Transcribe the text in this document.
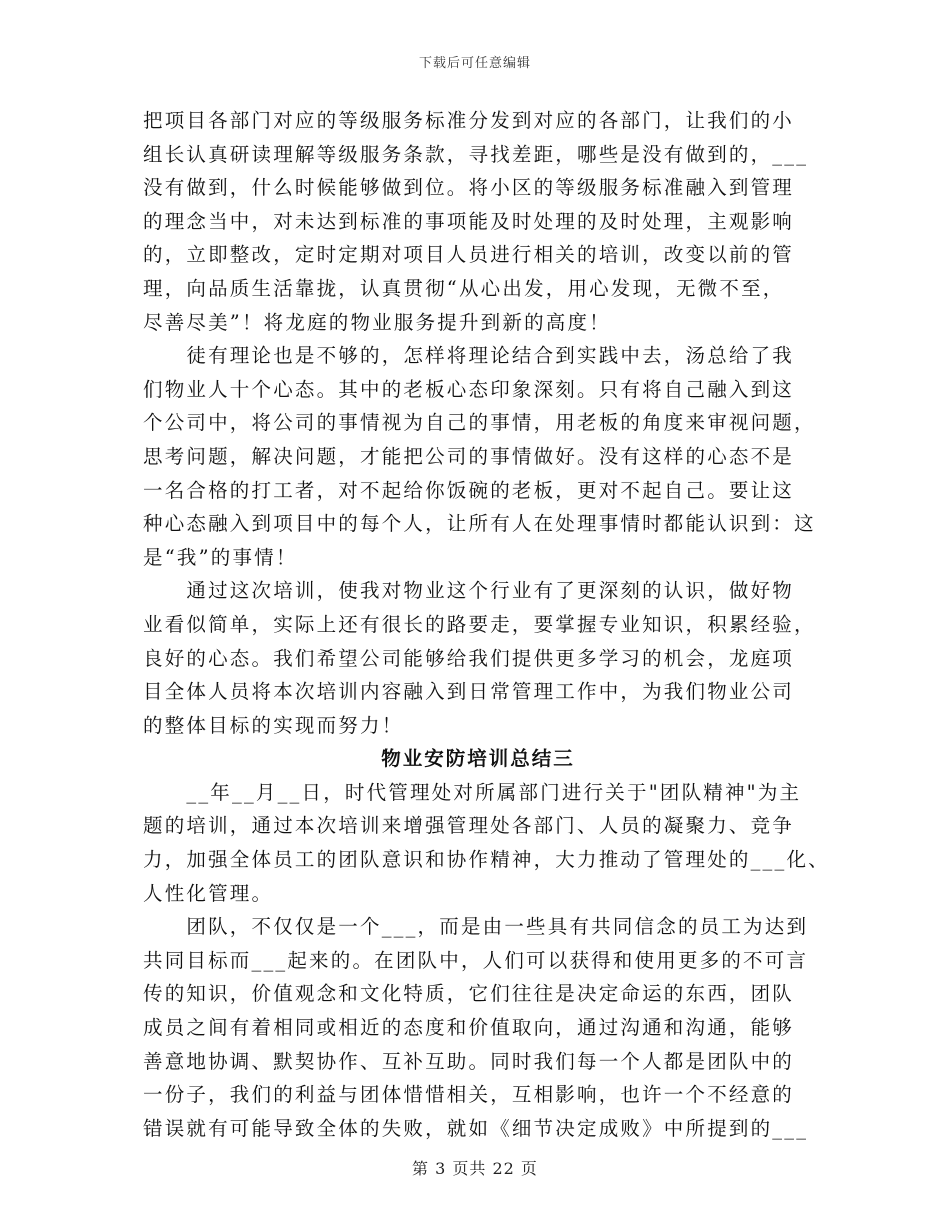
下载后可任意编辑
把项目各部门对应的等级服务标准分发到对应的各部门，让我们的小
组长认真研读理解等级服务条款，寻找差距，哪些是没有做到的，___
没有做到，什么时候能够做到位。将小区的等级服务标准融入到管理
的理念当中，对未达到标准的事项能及时处理的及时处理，主观影响
的，立即整改，定时定期对项目人员进行相关的培训，改变以前的管
理，向品质生活靠拢，认真贯彻“从心出发，用心发现，无微不至，
尽善尽美”！将龙庭的物业服务提升到新的高度！
　　徒有理论也是不够的，怎样将理论结合到实践中去，汤总给了我
们物业人十个心态。其中的老板心态印象深刻。只有将自己融入到这
个公司中，将公司的事情视为自己的事情，用老板的角度来审视问题，
思考问题，解决问题，才能把公司的事情做好。没有这样的心态不是
一名合格的打工者，对不起给你饭碗的老板，更对不起自己。要让这
种心态融入到项目中的每个人，让所有人在处理事情时都能认识到：这
是“我”的事情！
　　通过这次培训，使我对物业这个行业有了更深刻的认识，做好物
业看似简单，实际上还有很长的路要走，要掌握专业知识，积累经验，
良好的心态。我们希望公司能够给我们提供更多学习的机会，龙庭项
目全体人员将本次培训内容融入到日常管理工作中，为我们物业公司
的整体目标的实现而努力！
物业安防培训总结三
　　__年__月__日，时代管理处对所属部门进行关于"团队精神"为主
题的培训，通过本次培训来增强管理处各部门、人员的凝聚力、竞争
力，加强全体员工的团队意识和协作精神，大力推动了管理处的___化、
人性化管理。
　　团队，不仅仅是一个___，而是由一些具有共同信念的员工为达到
共同目标而___起来的。在团队中，人们可以获得和使用更多的不可言
传的知识，价值观念和文化特质，它们往往是决定命运的东西，团队
成员之间有着相同或相近的态度和价值取向，通过沟通和沟通，能够
善意地协调、默契协作、互补互助。同时我们每一个人都是团队中的
一份子，我们的利益与团体惜惜相关，互相影响，也许一个不经意的
错误就有可能导致全体的失败，就如《细节决定成败》中所提到的___
第 3 页共 22 页
